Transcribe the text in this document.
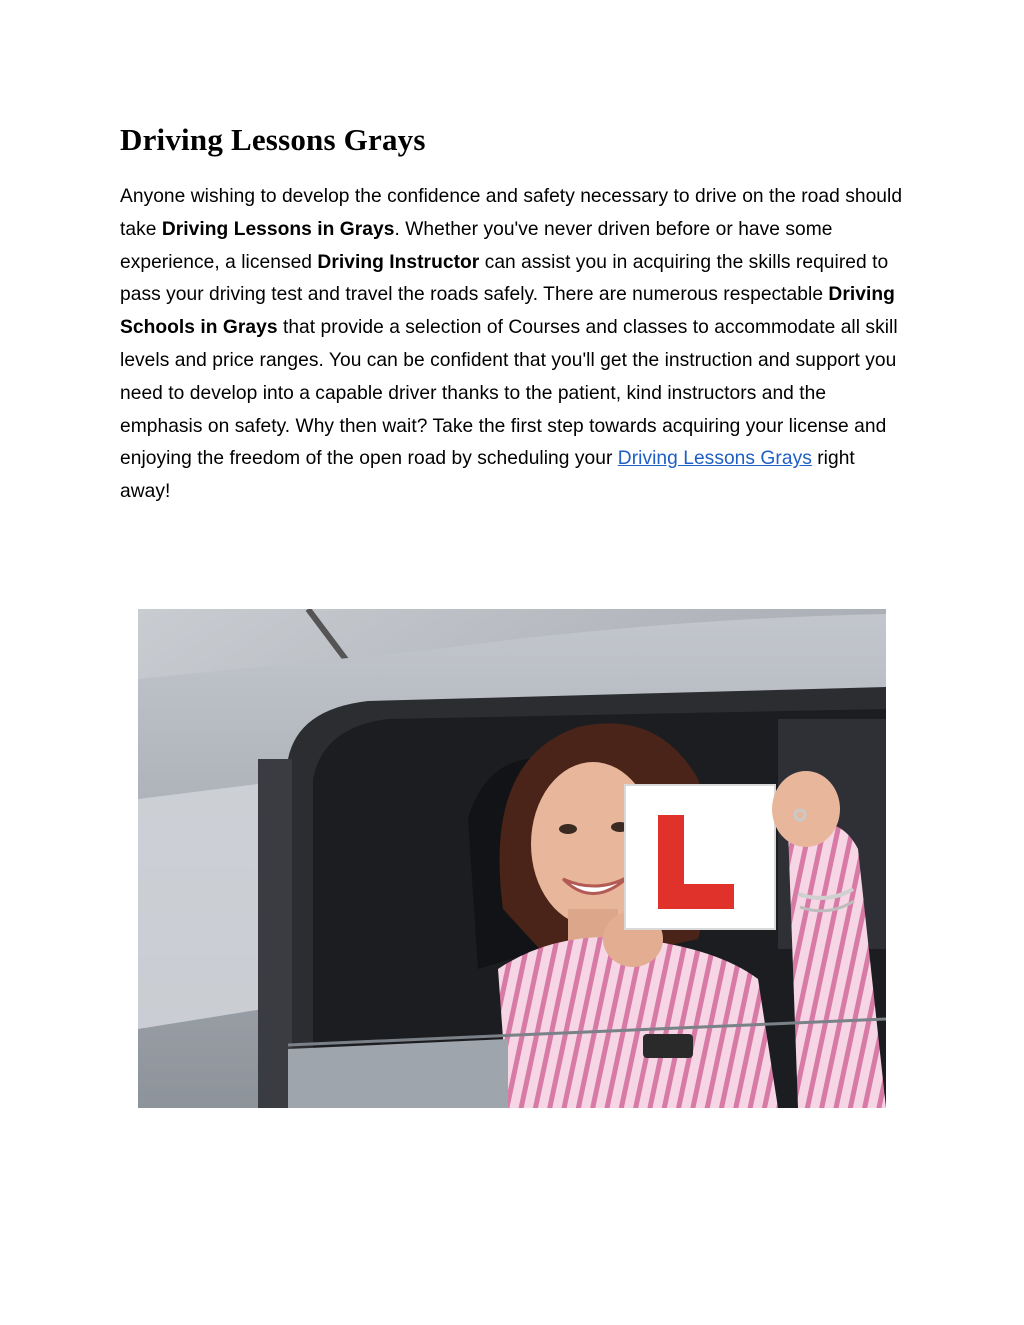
Driving Lessons Grays

Anyone wishing to develop the confidence and safety necessary to drive on the road should take Driving Lessons in Grays. Whether you've never driven before or have some experience, a licensed Driving Instructor can assist you in acquiring the skills required to pass your driving test and travel the roads safely. There are numerous respectable Driving Schools in Grays that provide a selection of Courses and classes to accommodate all skill levels and price ranges. You can be confident that you'll get the instruction and support you need to develop into a capable driver thanks to the patient, kind instructors and the emphasis on safety. Why then wait? Take the first step towards acquiring your license and enjoying the freedom of the open road by scheduling your Driving Lessons Grays right away!
